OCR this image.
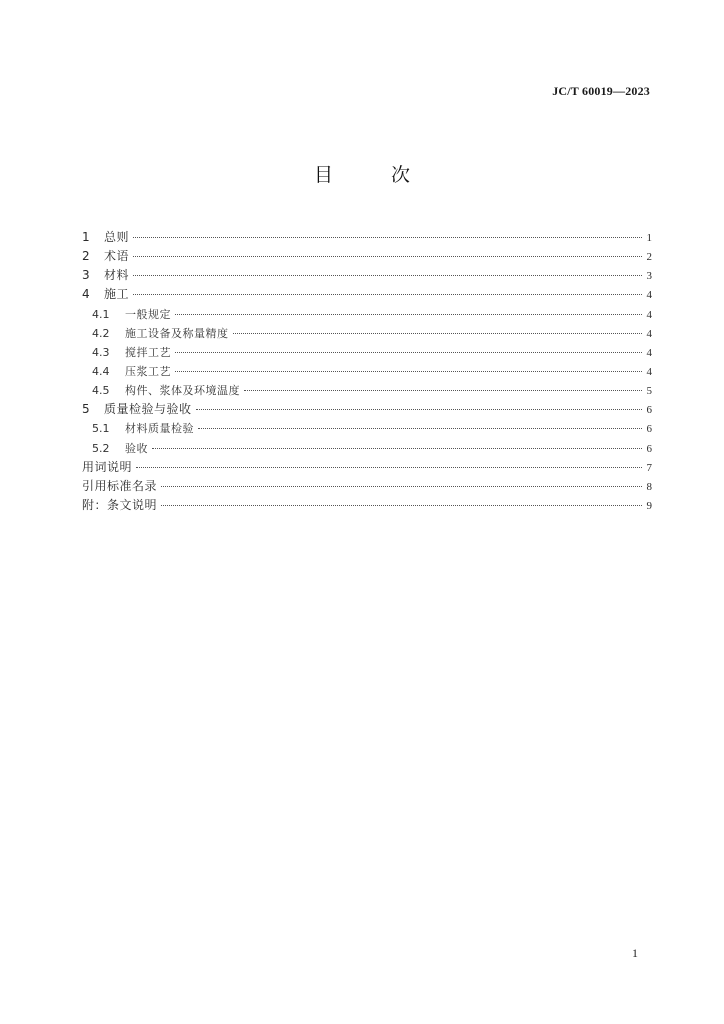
JC/T 60019—2023
目 次
1	总则	1
2	术语	2
3	材料	3
4	施工	4
4.1	一般规定	4
4.2	施工设备及称量精度	4
4.3	搅拌工艺	4
4.4	压浆工艺	4
4.5	构件、浆体及环境温度	5
5	质量检验与验收	6
5.1	材料质量检验	6
5.2	验收	6
用词说明	7
引用标准名录	8
附：条文说明	9
1
